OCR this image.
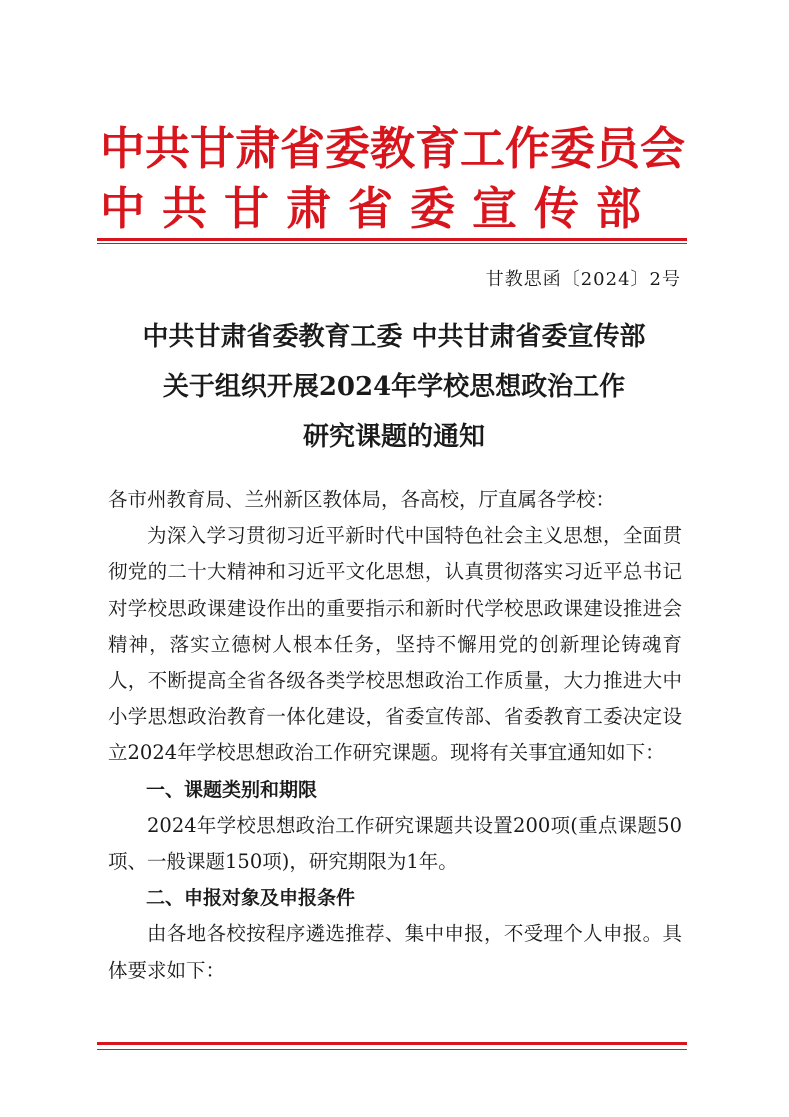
中共甘肃省委教育工作委员会
中共甘肃省委宣传部
甘教思函〔2024〕2号
中共甘肃省委教育工委 中共甘肃省委宣传部
关于组织开展2024年学校思想政治工作
研究课题的通知

各市州教育局、兰州新区教体局，各高校，厅直属各学校：

为深入学习贯彻习近平新时代中国特色社会主义思想，全面贯彻党的二十大精神和习近平文化思想，认真贯彻落实习近平总书记对学校思政课建设作出的重要指示和新时代学校思政课建设推进会精神，落实立德树人根本任务，坚持不懈用党的创新理论铸魂育人，不断提高全省各级各类学校思想政治工作质量，大力推进大中小学思想政治教育一体化建设，省委宣传部、省委教育工委决定设立2024年学校思想政治工作研究课题。现将有关事宜通知如下：

一、课题类别和期限

2024年学校思想政治工作研究课题共设置200项(重点课题50项、一般课题150项)，研究期限为1年。

二、申报对象及申报条件

由各地各校按程序遴选推荐、集中申报，不受理个人申报。具体要求如下：
